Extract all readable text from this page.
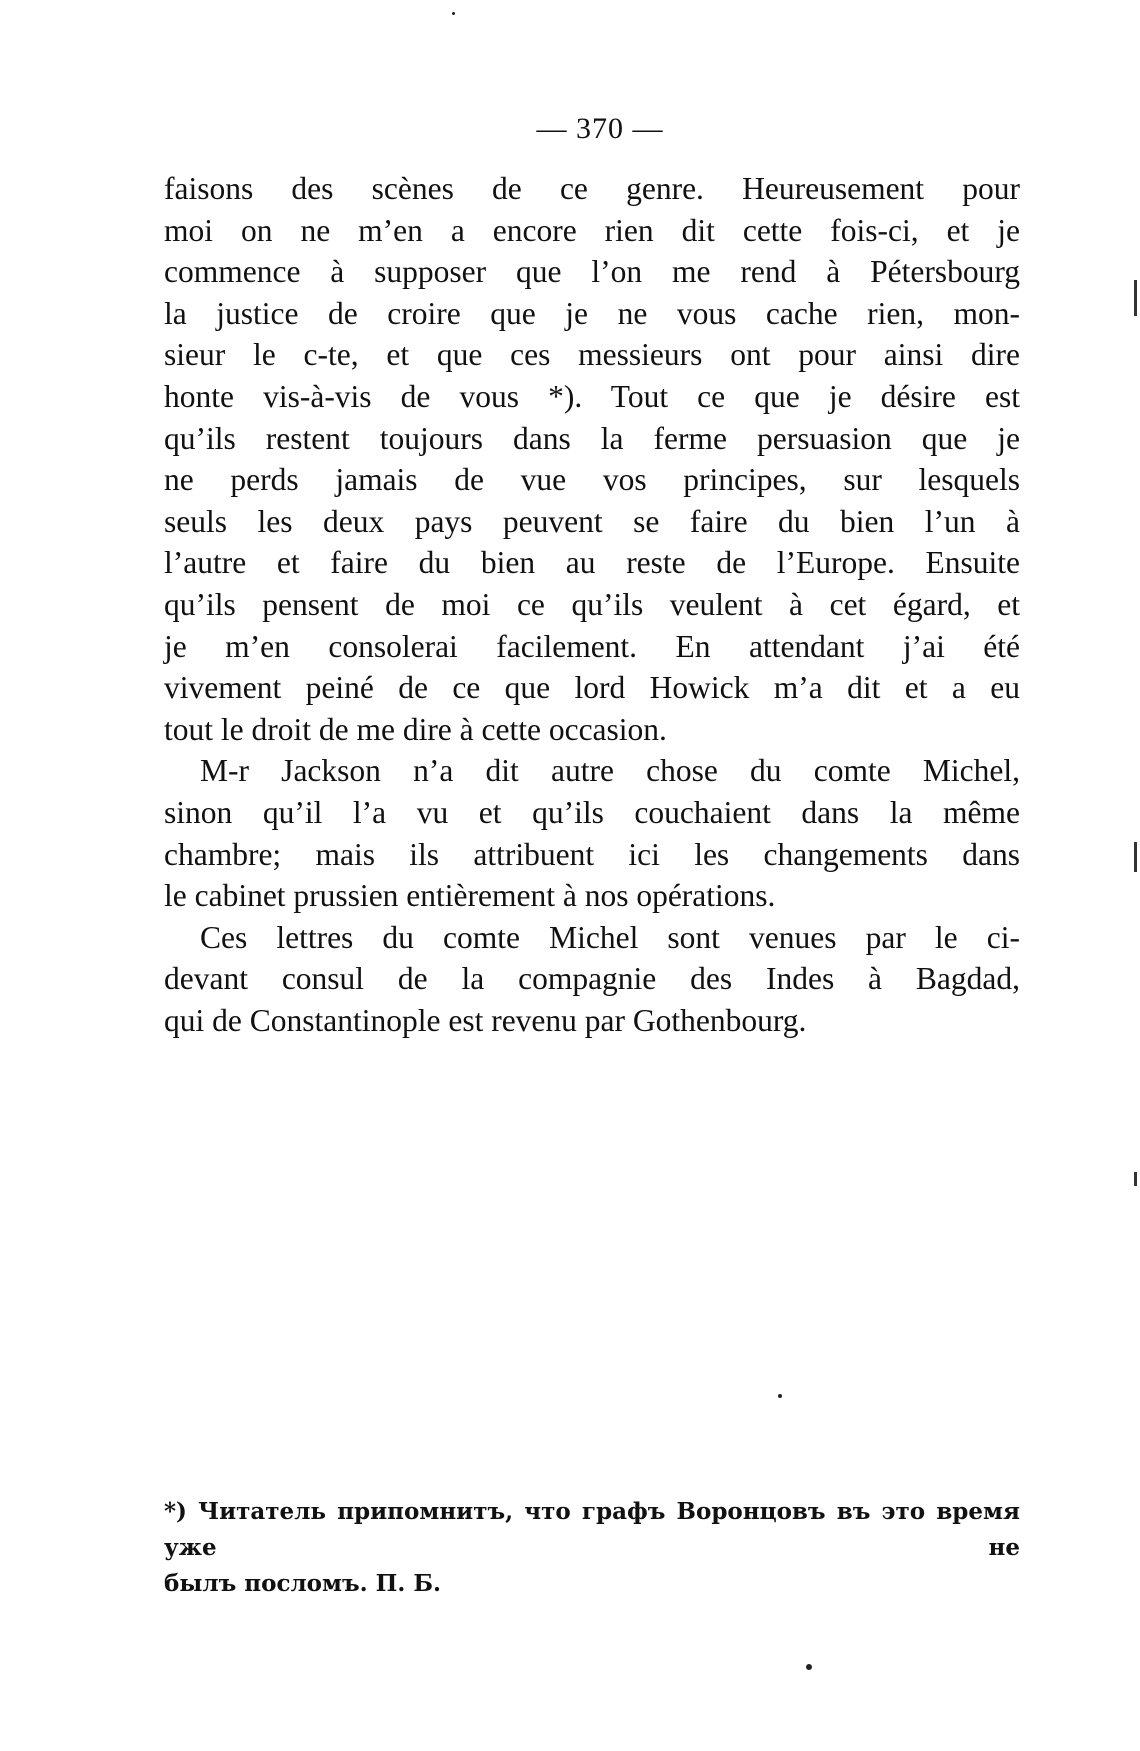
— 370 —

faisons des scènes de ce genre. Heureusement pour
moi on ne m’en a encore rien dit cette fois-ci, et je
commence à supposer que l’on me rend à Pétersbourg
la justice de croire que je ne vous cache rien, mon-
sieur le c-te, et que ces messieurs ont pour ainsi dire
honte vis-à-vis de vous *). Tout ce que je désire est
qu’ils restent toujours dans la ferme persuasion que je
ne perds jamais de vue vos principes, sur lesquels
seuls les deux pays peuvent se faire du bien l’un à
l’autre et faire du bien au reste de l’Europe. Ensuite
qu’ils pensent de moi ce qu’ils veulent à cet égard, et
je m’en consolerai facilement. En attendant j’ai été
vivement peiné de ce que lord Howick m’a dit et a eu
tout le droit de me dire à cette occasion.

M-r Jackson n’a dit autre chose du comte Michel,
sinon qu’il l’a vu et qu’ils couchaient dans la même
chambre; mais ils attribuent ici les changements dans
le cabinet prussien entièrement à nos opérations.

Ces lettres du comte Michel sont venues par le ci-
devant consul de la compagnie des Indes à Bagdad,
qui de Constantinople est revenu par Gothenbourg.

*) Читатель припомнитъ, что графъ Воронцовъ въ это время уже не
былъ посломъ. П. Б.
